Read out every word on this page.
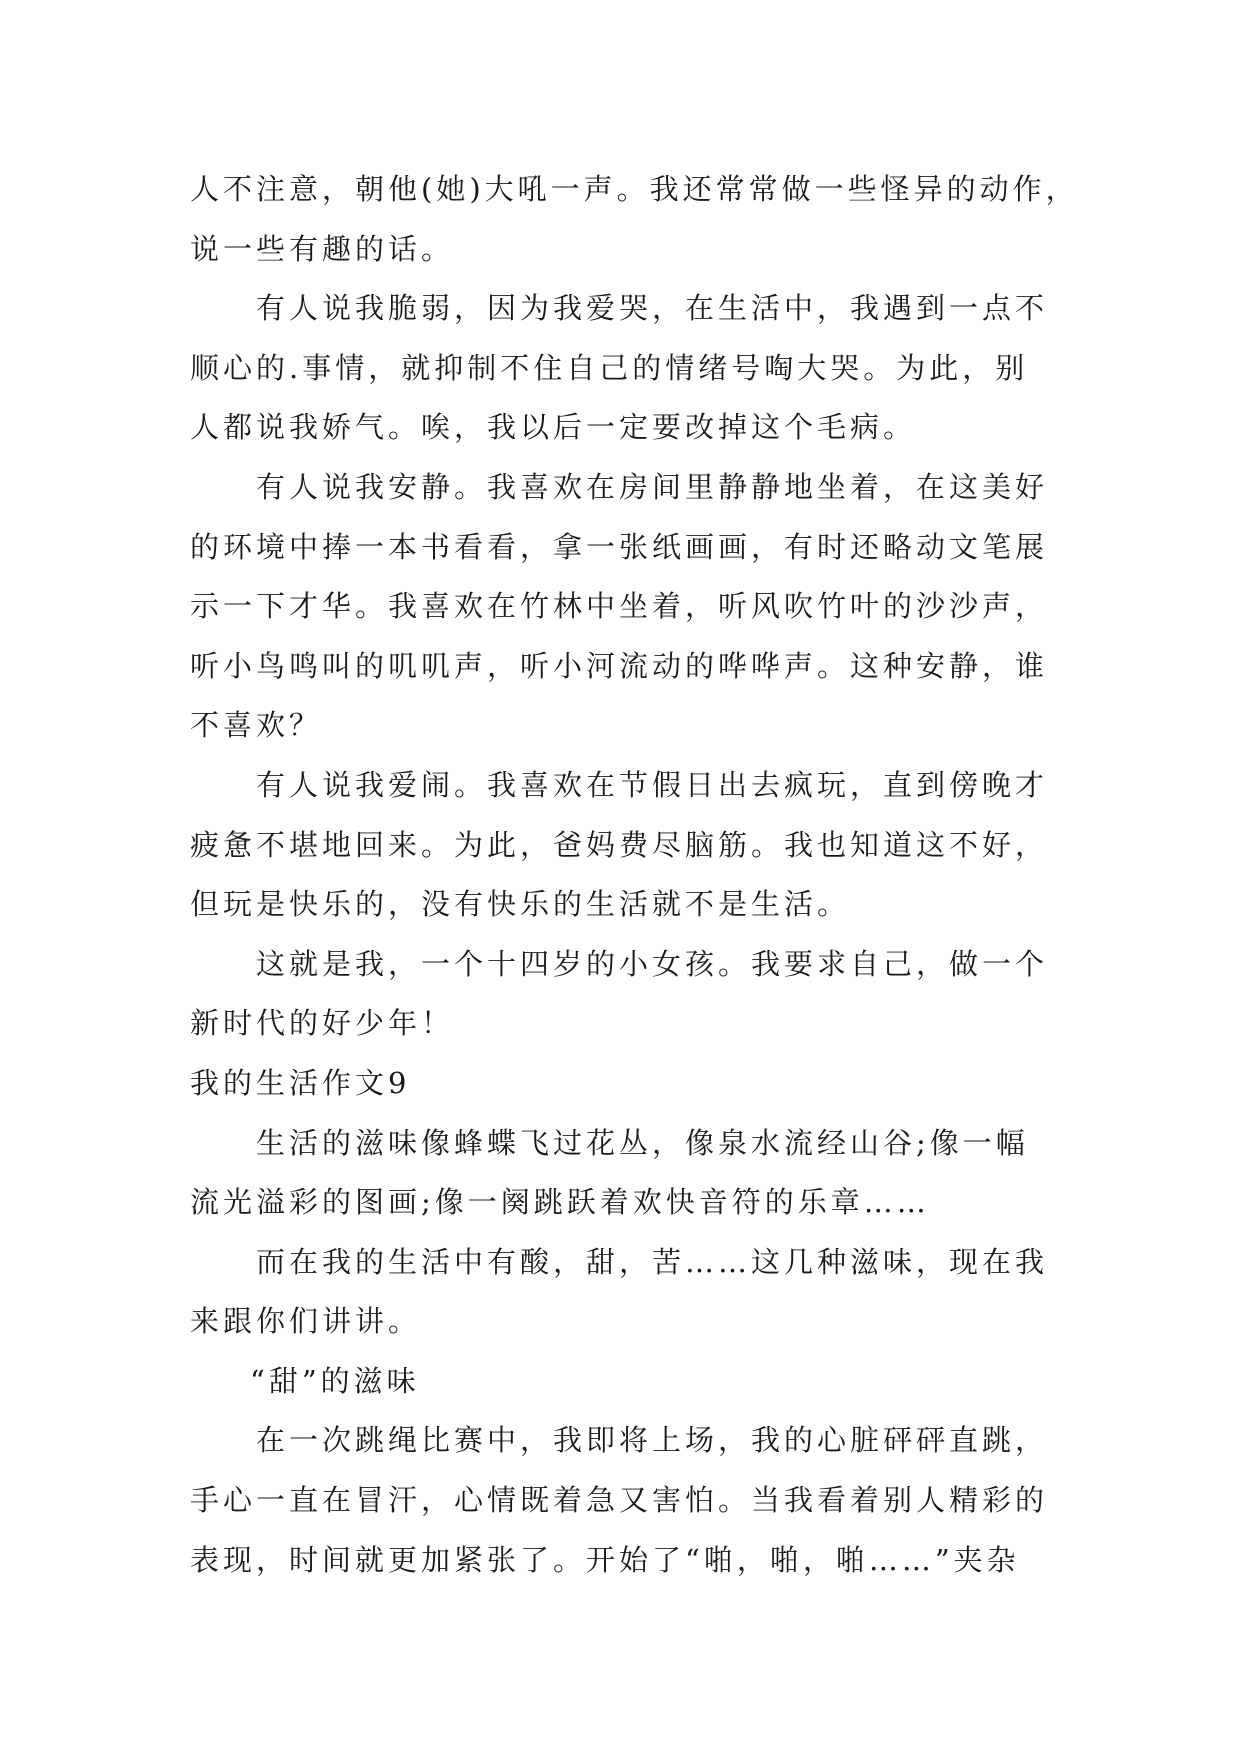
人不注意，朝他(她)大吼一声。我还常常做一些怪异的动作，

说一些有趣的话。

有人说我脆弱，因为我爱哭，在生活中，我遇到一点不

顺心的.事情，就抑制不住自己的情绪号啕大哭。为此，别

人都说我娇气。唉，我以后一定要改掉这个毛病。

有人说我安静。我喜欢在房间里静静地坐着，在这美好

的环境中捧一本书看看，拿一张纸画画，有时还略动文笔展

示一下才华。我喜欢在竹林中坐着，听风吹竹叶的沙沙声，

听小鸟鸣叫的叽叽声，听小河流动的哗哗声。这种安静，谁

不喜欢？

有人说我爱闹。我喜欢在节假日出去疯玩，直到傍晚才

疲惫不堪地回来。为此，爸妈费尽脑筋。我也知道这不好，

但玩是快乐的，没有快乐的生活就不是生活。

这就是我，一个十四岁的小女孩。我要求自己，做一个

新时代的好少年！

我的生活作文9

生活的滋味像蜂蝶飞过花丛，像泉水流经山谷;像一幅

流光溢彩的图画;像一阕跳跃着欢快音符的乐章……

而在我的生活中有酸，甜，苦……这几种滋味，现在我

来跟你们讲讲。

“甜”的滋味

在一次跳绳比赛中，我即将上场，我的心脏砰砰直跳，

手心一直在冒汗，心情既着急又害怕。当我看着别人精彩的

表现，时间就更加紧张了。开始了“啪，啪，啪……”夹杂
